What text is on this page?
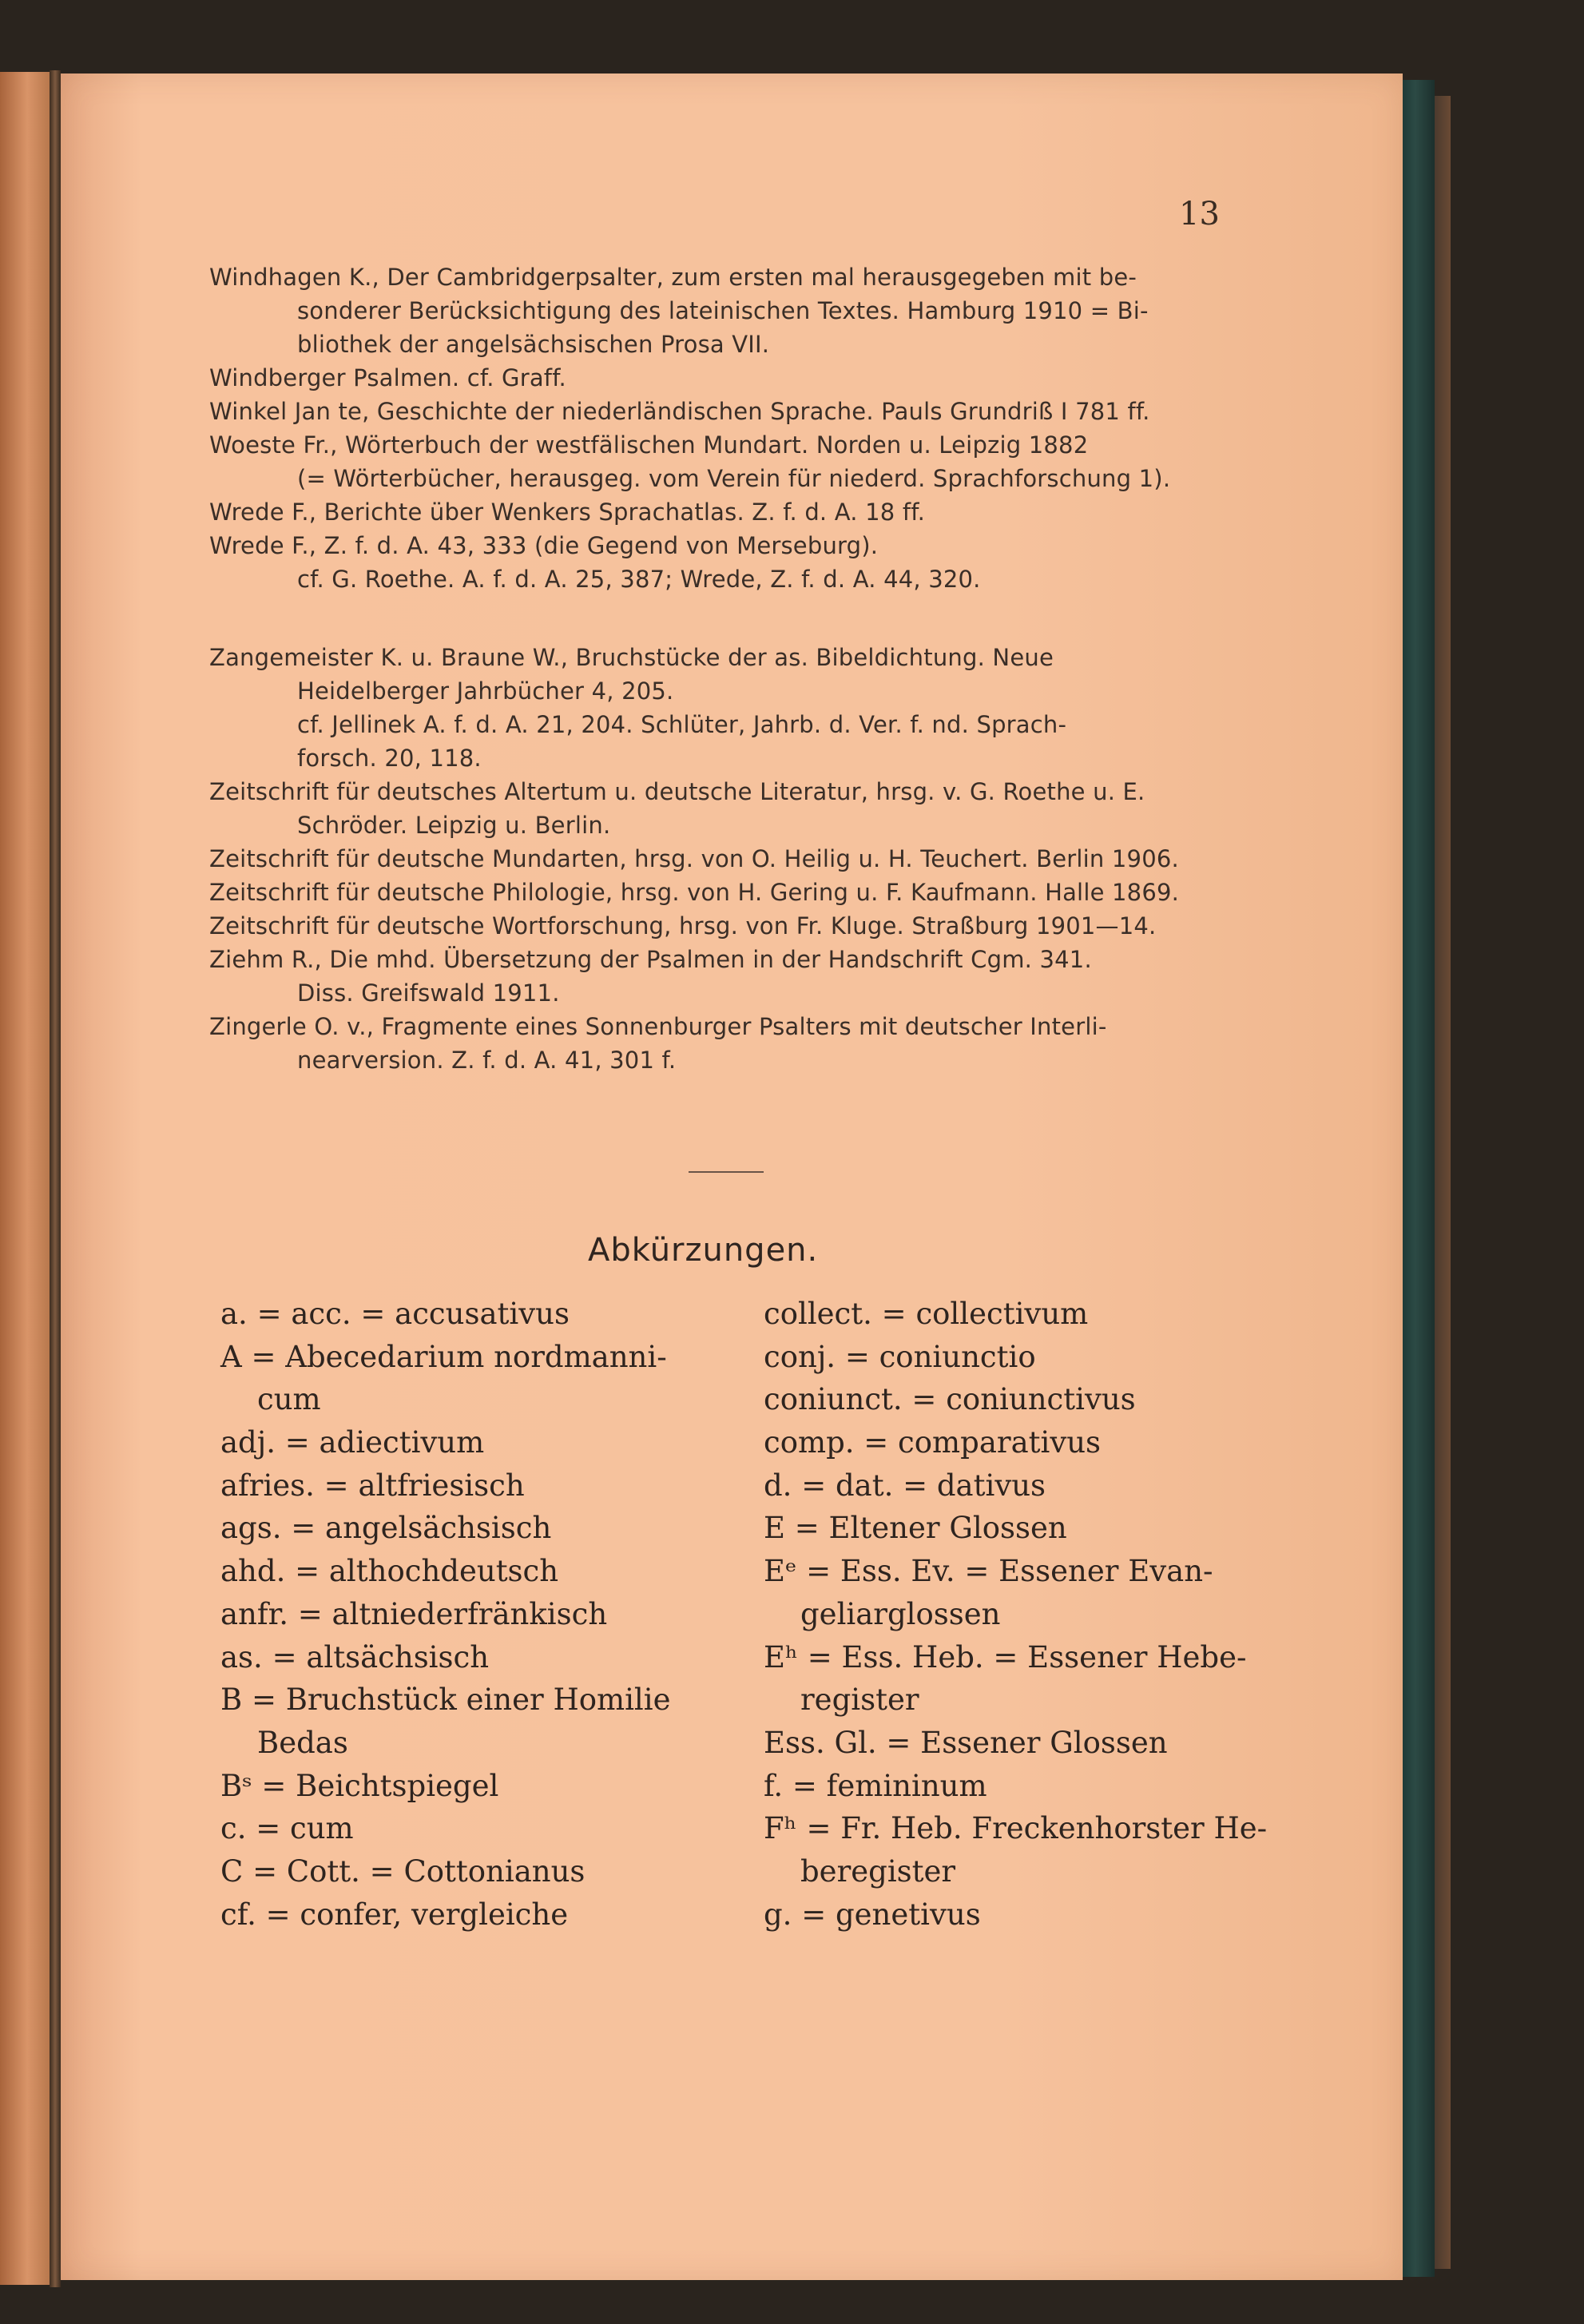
13
Windhagen K., Der Cambridgerpsalter, zum ersten mal herausgegeben mit be-
sonderer Berücksichtigung des lateinischen Textes. Hamburg 1910 = Bi-
bliothek der angelsächsischen Prosa VII.
Windberger Psalmen. cf. Graff.
Winkel Jan te, Geschichte der niederländischen Sprache. Pauls Grundriß I 781 ff.
Woeste Fr., Wörterbuch der westfälischen Mundart. Norden u. Leipzig 1882
(= Wörterbücher, herausgeg. vom Verein für niederd. Sprachforschung 1).
Wrede F., Berichte über Wenkers Sprachatlas. Z. f. d. A. 18 ff.
Wrede F., Z. f. d. A. 43, 333 (die Gegend von Merseburg).
cf. G. Roethe. A. f. d. A. 25, 387; Wrede, Z. f. d. A. 44, 320.
Zangemeister K. u. Braune W., Bruchstücke der as. Bibeldichtung. Neue
Heidelberger Jahrbücher 4, 205.
cf. Jellinek A. f. d. A. 21, 204. Schlüter, Jahrb. d. Ver. f. nd. Sprach-
forsch. 20, 118.
Zeitschrift für deutsches Altertum u. deutsche Literatur, hrsg. v. G. Roethe u. E.
Schröder. Leipzig u. Berlin.
Zeitschrift für deutsche Mundarten, hrsg. von O. Heilig u. H. Teuchert. Berlin 1906.
Zeitschrift für deutsche Philologie, hrsg. von H. Gering u. F. Kaufmann. Halle 1869.
Zeitschrift für deutsche Wortforschung, hrsg. von Fr. Kluge. Straßburg 1901—14.
Ziehm R., Die mhd. Übersetzung der Psalmen in der Handschrift Cgm. 341.
Diss. Greifswald 1911.
Zingerle O. v., Fragmente eines Sonnenburger Psalters mit deutscher Interli-
nearversion. Z. f. d. A. 41, 301 f.
Abkürzungen.
a. = acc. = accusativus
A = Abecedarium nordmanni-
cum
adj. = adiectivum
afries. = altfriesisch
ags. = angelsächsisch
ahd. = althochdeutsch
anfr. = altniederfränkisch
as. = altsächsisch
B = Bruchstück einer Homilie
Bedas
Bˢ = Beichtspiegel
c. = cum
C = Cott. = Cottonianus
cf. = confer, vergleiche
collect. = collectivum
conj. = coniunctio
coniunct. = coniunctivus
comp. = comparativus
d. = dat. = dativus
E = Eltener Glossen
Eᵉ = Ess. Ev. = Essener Evan-
geliarglossen
Eʰ = Ess. Heb. = Essener Hebe-
register
Ess. Gl. = Essener Glossen
f. = femininum
Fʰ = Fr. Heb. Freckenhorster He-
beregister
g. = genetivus
